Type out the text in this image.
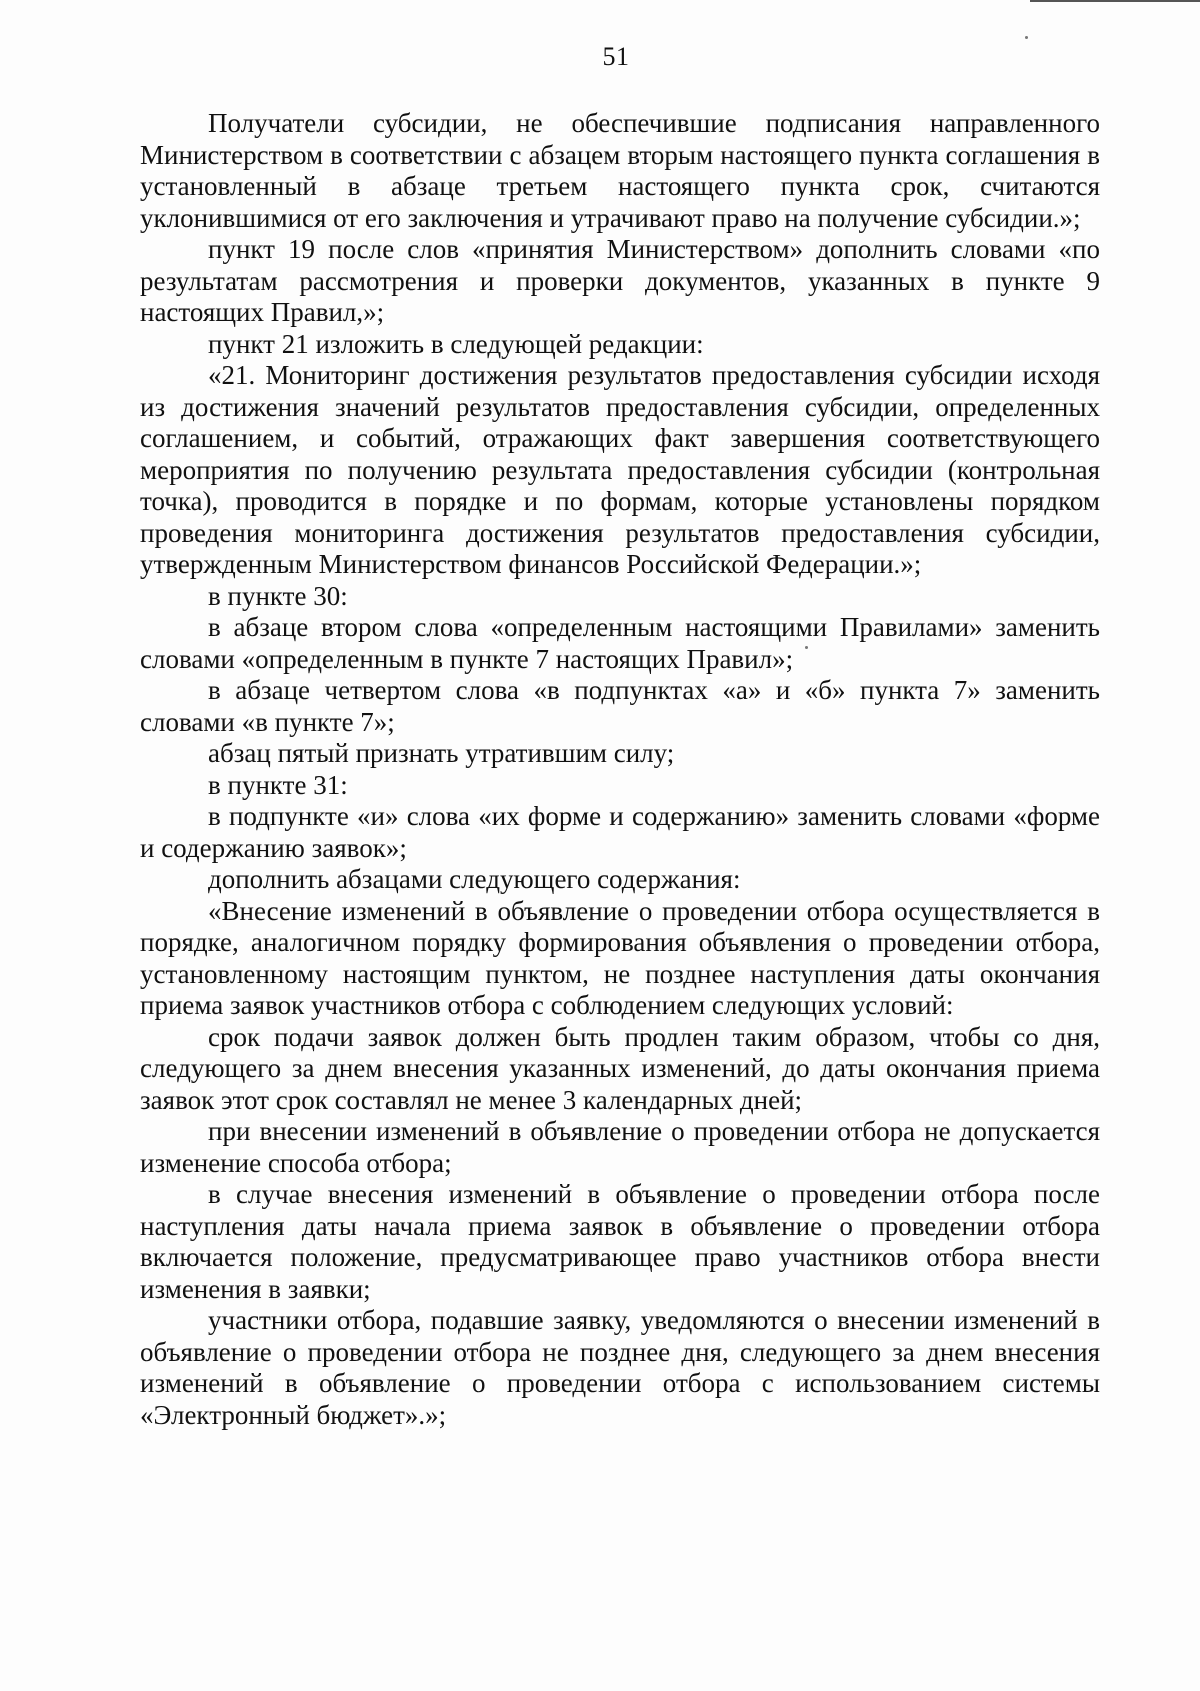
51

Получатели субсидии, не обеспечившие подписания направленного Министерством в соответствии с абзацем вторым настоящего пункта соглашения в установленный в абзаце третьем настоящего пункта срок, считаются уклонившимися от его заключения и утрачивают право на получение субсидии.»;

пункт 19 после слов «принятия Министерством» дополнить словами «по результатам рассмотрения и проверки документов, указанных в пункте 9 настоящих Правил,»;

пункт 21 изложить в следующей редакции:

«21. Мониторинг достижения результатов предоставления субсидии исходя из достижения значений результатов предоставления субсидии, определенных соглашением, и событий, отражающих факт завершения соответствующего мероприятия по получению результата предоставления субсидии (контрольная точка), проводится в порядке и по формам, которые установлены порядком проведения мониторинга достижения результатов предоставления субсидии, утвержденным Министерством финансов Российской Федерации.»;

в пункте 30:

в абзаце втором слова «определенным настоящими Правилами» заменить словами «определенным в пункте 7 настоящих Правил»;

в абзаце четвертом слова «в подпунктах «а» и «б» пункта 7» заменить словами «в пункте 7»;

абзац пятый признать утратившим силу;

в пункте 31:

в подпункте «и» слова «их форме и содержанию» заменить словами «форме и содержанию заявок»;

дополнить абзацами следующего содержания:

«Внесение изменений в объявление о проведении отбора осуществляется в порядке, аналогичном порядку формирования объявления о проведении отбора, установленному настоящим пунктом, не позднее наступления даты окончания приема заявок участников отбора с соблюдением следующих условий:

срок подачи заявок должен быть продлен таким образом, чтобы со дня, следующего за днем внесения указанных изменений, до даты окончания приема заявок этот срок составлял не менее 3 календарных дней;

при внесении изменений в объявление о проведении отбора не допускается изменение способа отбора;

в случае внесения изменений в объявление о проведении отбора после наступления даты начала приема заявок в объявление о проведении отбора включается положение, предусматривающее право участников отбора внести изменения в заявки;

участники отбора, подавшие заявку, уведомляются о внесении изменений в объявление о проведении отбора не позднее дня, следующего за днем внесения изменений в объявление о проведении отбора с использованием системы «Электронный бюджет».»;
